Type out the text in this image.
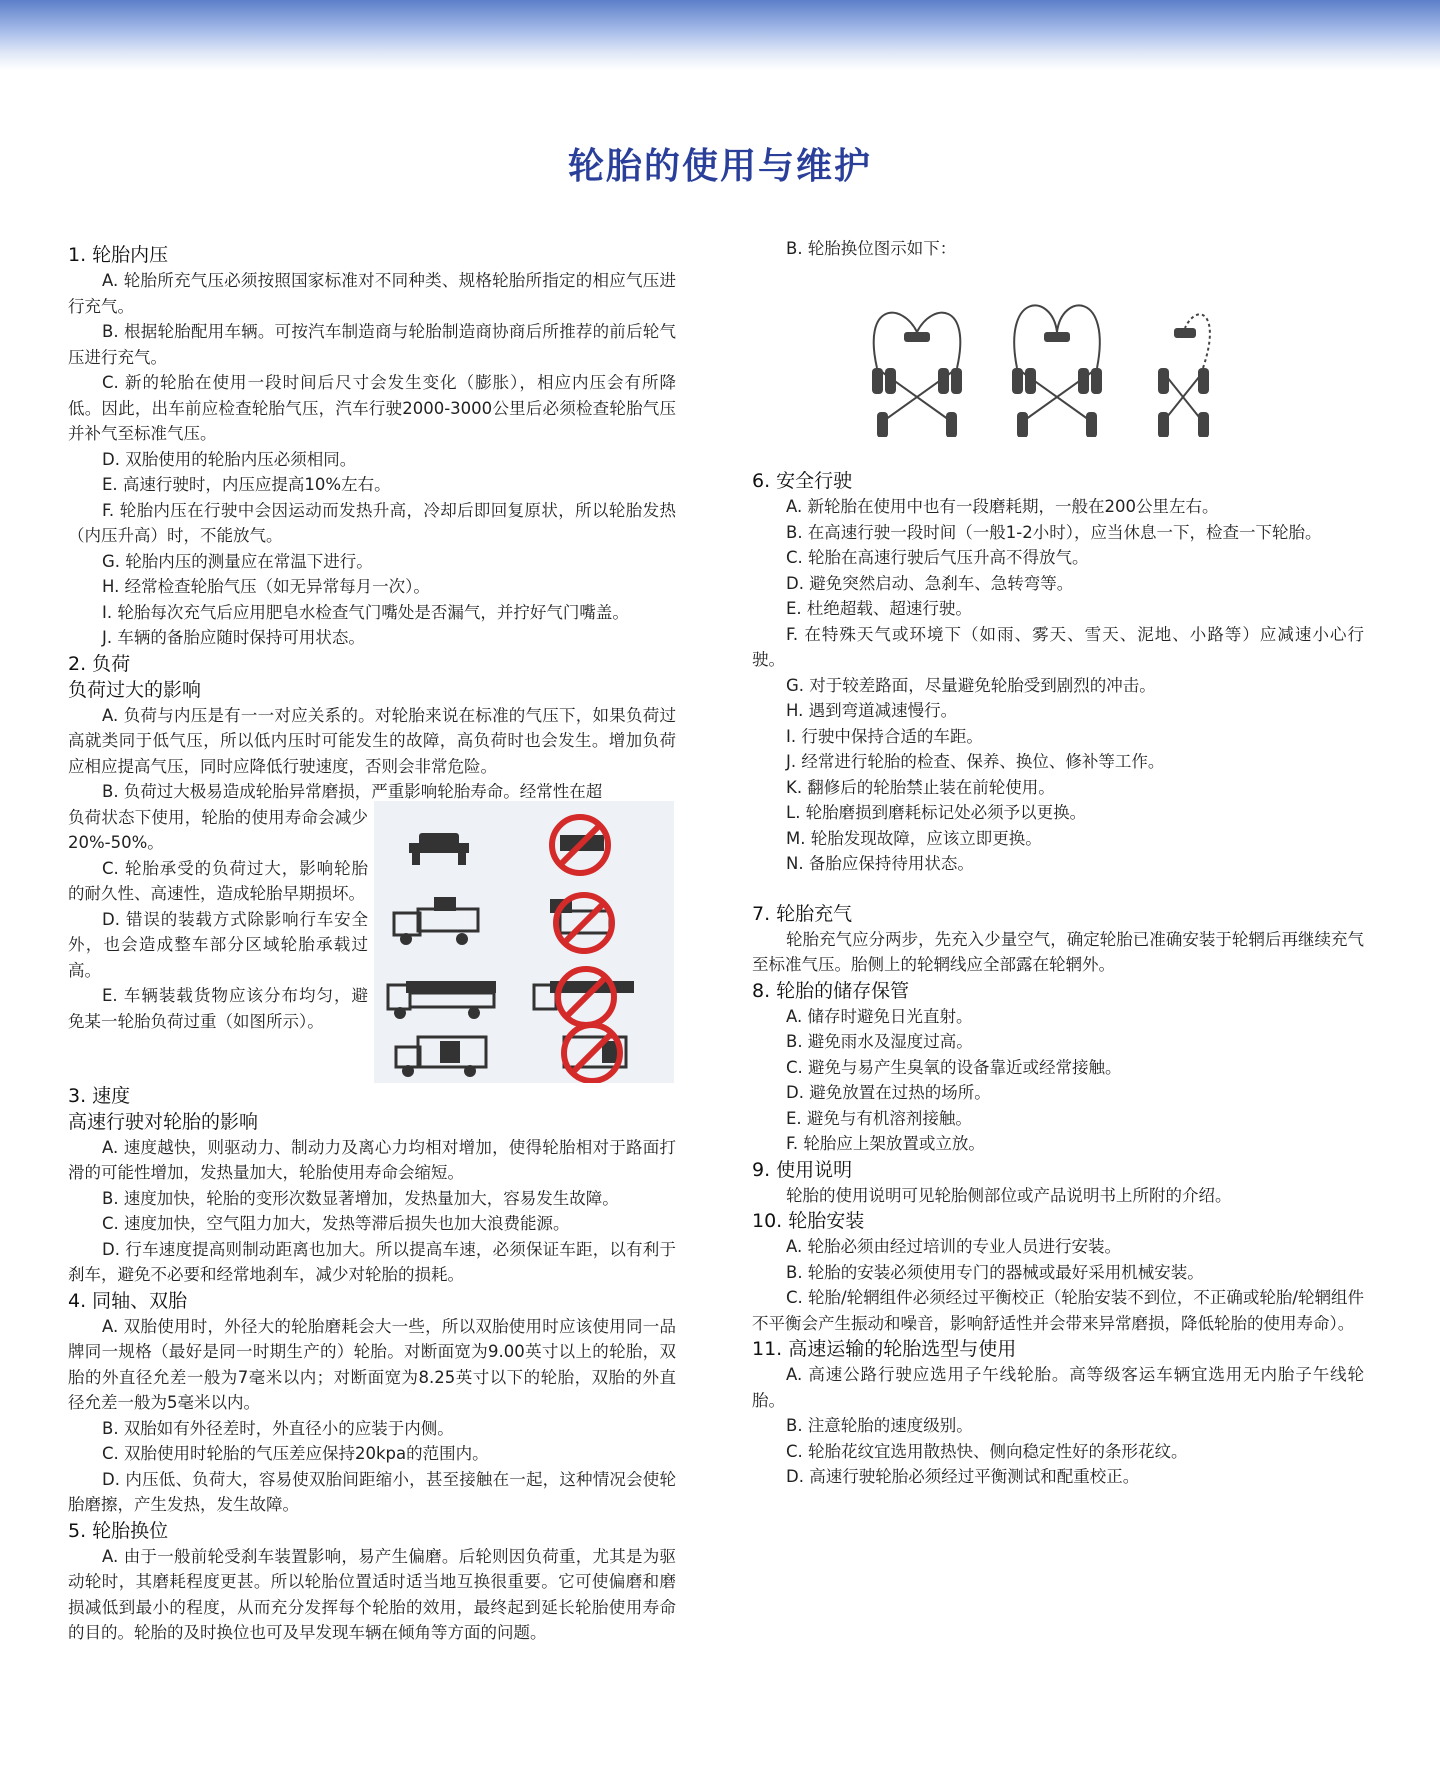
轮胎的使用与维护
1. 轮胎内压

A. 轮胎所充气压必须按照国家标准对不同种类、规格轮胎所指定的相应气压进行充气。

B. 根据轮胎配用车辆。可按汽车制造商与轮胎制造商协商后所推荐的前后轮气压进行充气。

C. 新的轮胎在使用一段时间后尺寸会发生变化（膨胀），相应内压会有所降低。因此，出车前应检查轮胎气压，汽车行驶2000-3000公里后必须检查轮胎气压并补气至标准气压。

D. 双胎使用的轮胎内压必须相同。

E. 高速行驶时，内压应提高10%左右。

F. 轮胎内压在行驶中会因运动而发热升高，冷却后即回复原状，所以轮胎发热（内压升高）时，不能放气。

G. 轮胎内压的测量应在常温下进行。

H. 经常检查轮胎气压（如无异常每月一次）。

I. 轮胎每次充气后应用肥皂水检查气门嘴处是否漏气，并拧好气门嘴盖。

J. 车辆的备胎应随时保持可用状态。

2. 负荷
负荷过大的影响

A. 负荷与内压是有一一对应关系的。对轮胎来说在标准的气压下，如果负荷过高就类同于低气压，所以低内压时可能发生的故障，高负荷时也会发生。增加负荷应相应提高气压，同时应降低行驶速度，否则会非常危险。

B. 负荷过大极易造成轮胎异常磨损，严重影响轮胎寿命。经常性在超

负荷状态下使用，轮胎的使用寿命会减少20%-50%。

C. 轮胎承受的负荷过大，影响轮胎的耐久性、高速性，造成轮胎早期损坏。

D. 错误的装载方式除影响行车安全外，也会造成整车部分区域轮胎承载过高。

E. 车辆装载货物应该分布均匀，避免某一轮胎负荷过重（如图所示）。

3. 速度
高速行驶对轮胎的影响

A. 速度越快，则驱动力、制动力及离心力均相对增加，使得轮胎相对于路面打滑的可能性增加，发热量加大，轮胎使用寿命会缩短。

B. 速度加快，轮胎的变形次数显著增加，发热量加大，容易发生故障。

C. 速度加快，空气阻力加大，发热等滞后损失也加大浪费能源。

D. 行车速度提高则制动距离也加大。所以提高车速，必须保证车距，以有利于刹车，避免不必要和经常地刹车，减少对轮胎的损耗。

4. 同轴、双胎

A. 双胎使用时，外径大的轮胎磨耗会大一些，所以双胎使用时应该使用同一品牌同一规格（最好是同一时期生产的）轮胎。对断面宽为9.00英寸以上的轮胎，双胎的外直径允差一般为7毫米以内；对断面宽为8.25英寸以下的轮胎，双胎的外直径允差一般为5毫米以内。

B. 双胎如有外径差时，外直径小的应装于内侧。

C. 双胎使用时轮胎的气压差应保持20kpa的范围内。

D. 内压低、负荷大，容易使双胎间距缩小，甚至接触在一起，这种情况会使轮胎磨擦，产生发热，发生故障。

5. 轮胎换位

A. 由于一般前轮受刹车装置影响，易产生偏磨。后轮则因负荷重，尤其是为驱动轮时，其磨耗程度更甚。所以轮胎位置适时适当地互换很重要。它可使偏磨和磨损减低到最小的程度，从而充分发挥每个轮胎的效用，最终起到延长轮胎使用寿命的目的。轮胎的及时换位也可及早发现车辆在倾角等方面的问题。

B. 轮胎换位图示如下：

6. 安全行驶

A. 新轮胎在使用中也有一段磨耗期，一般在200公里左右。

B. 在高速行驶一段时间（一般1-2小时），应当休息一下，检查一下轮胎。

C. 轮胎在高速行驶后气压升高不得放气。

D. 避免突然启动、急刹车、急转弯等。

E. 杜绝超载、超速行驶。

F. 在特殊天气或环境下（如雨、雾天、雪天、泥地、小路等）应减速小心行驶。

G. 对于较差路面，尽量避免轮胎受到剧烈的冲击。

H. 遇到弯道减速慢行。

I. 行驶中保持合适的车距。

J. 经常进行轮胎的检查、保养、换位、修补等工作。

K. 翻修后的轮胎禁止装在前轮使用。

L. 轮胎磨损到磨耗标记处必须予以更换。

M. 轮胎发现故障，应该立即更换。

N. 备胎应保持待用状态。

7. 轮胎充气

轮胎充气应分两步，先充入少量空气，确定轮胎已准确安装于轮辋后再继续充气至标准气压。胎侧上的轮辋线应全部露在轮辋外。

8. 轮胎的储存保管

A. 储存时避免日光直射。

B. 避免雨水及湿度过高。

C. 避免与易产生臭氧的设备靠近或经常接触。

D. 避免放置在过热的场所。

E. 避免与有机溶剂接触。

F. 轮胎应上架放置或立放。

9. 使用说明

轮胎的使用说明可见轮胎侧部位或产品说明书上所附的介绍。

10. 轮胎安装

A. 轮胎必须由经过培训的专业人员进行安装。

B. 轮胎的安装必须使用专门的器械或最好采用机械安装。

C. 轮胎/轮辋组件必须经过平衡校正（轮胎安装不到位，不正确或轮胎/轮辋组件不平衡会产生振动和噪音，影响舒适性并会带来异常磨损，降低轮胎的使用寿命）。

11. 高速运输的轮胎选型与使用

A. 高速公路行驶应选用子午线轮胎。高等级客运车辆宜选用无内胎子午线轮胎。

B. 注意轮胎的速度级别。

C. 轮胎花纹宜选用散热快、侧向稳定性好的条形花纹。

D. 高速行驶轮胎必须经过平衡测试和配重校正。
